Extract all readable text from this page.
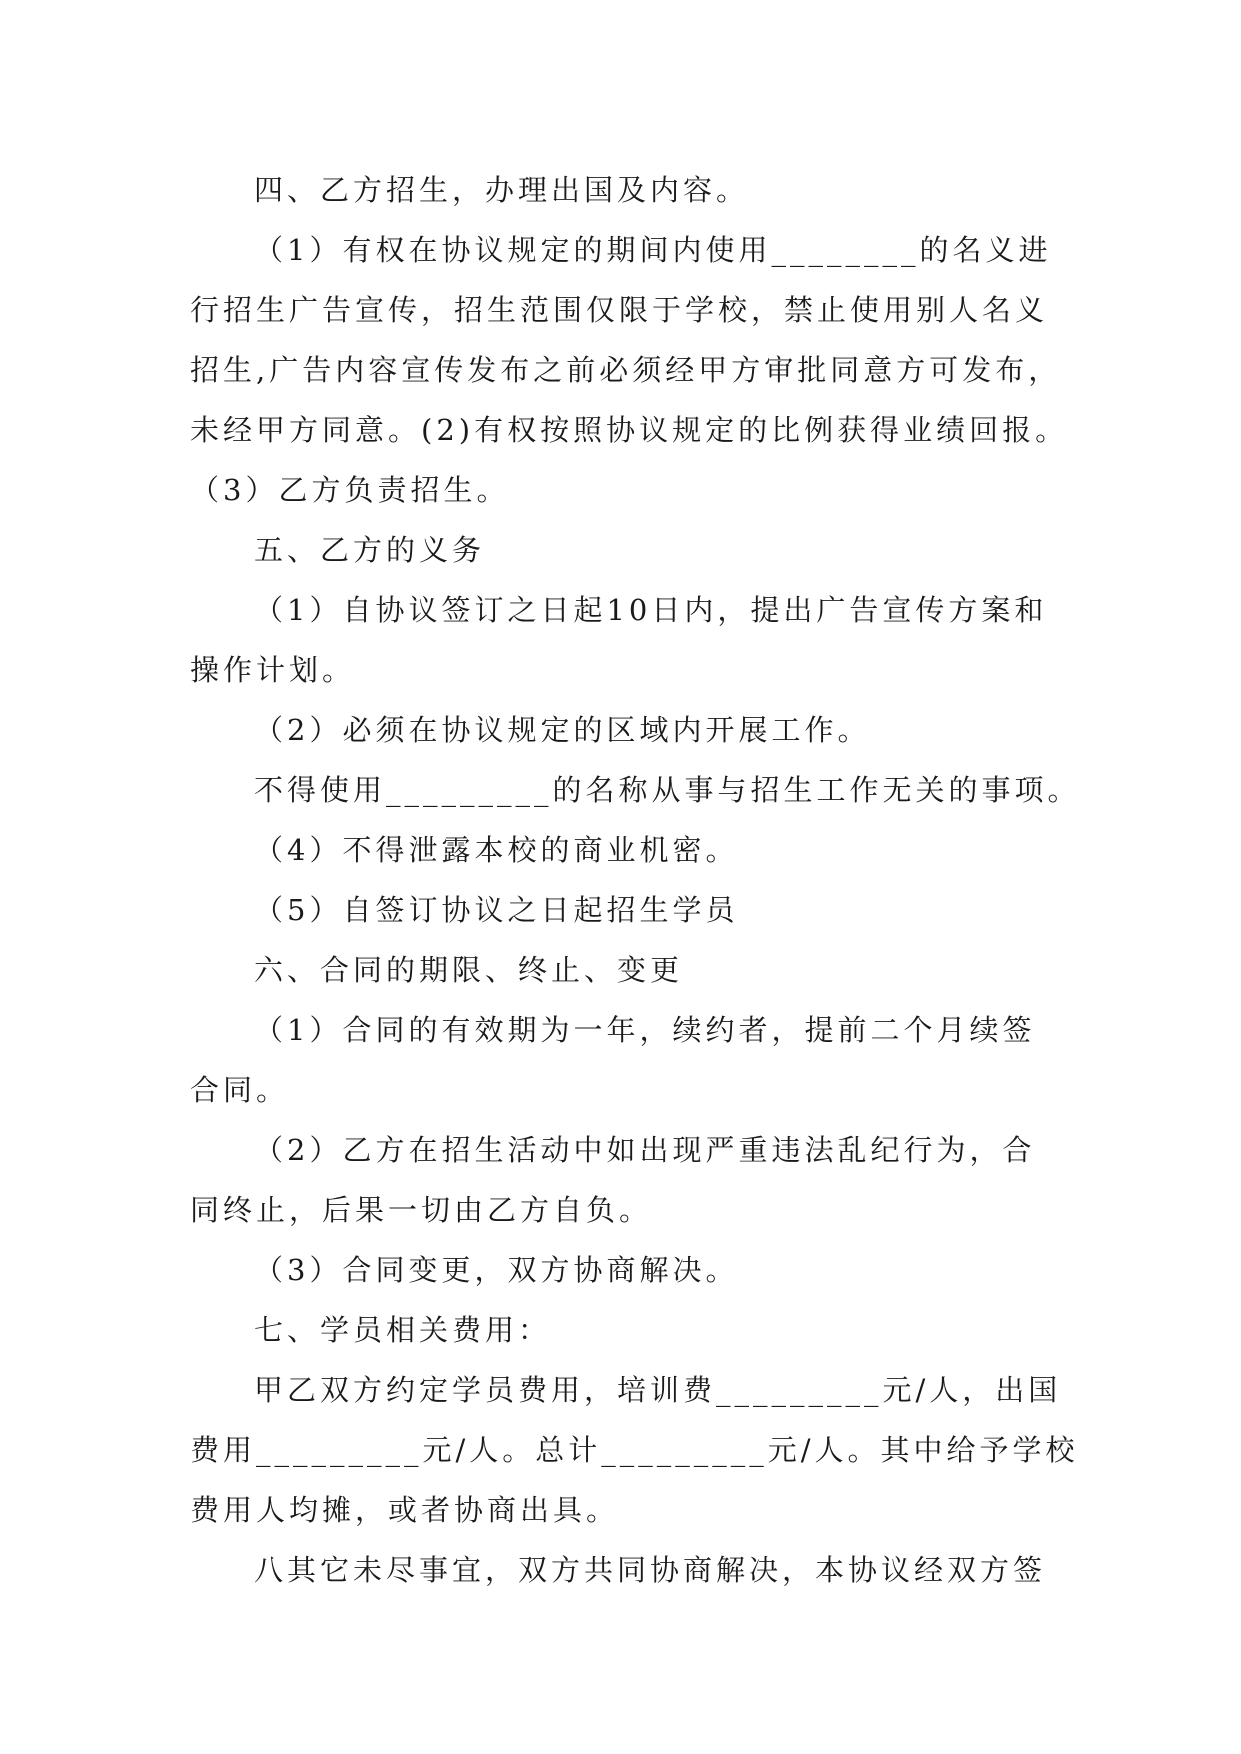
四、乙方招生，办理出国及内容。
（1）有权在协议规定的期间内使用________的名义进
行招生广告宣传，招生范围仅限于学校，禁止使用别人名义
招生,广告内容宣传发布之前必须经甲方审批同意方可发布，
未经甲方同意。(2)有权按照协议规定的比例获得业绩回报。
（3）乙方负责招生。
五、乙方的义务
（1）自协议签订之日起10日内，提出广告宣传方案和
操作计划。
（2）必须在协议规定的区域内开展工作。
不得使用_________的名称从事与招生工作无关的事项。
（4）不得泄露本校的商业机密。
（5）自签订协议之日起招生学员
六、合同的期限、终止、变更
（1）合同的有效期为一年，续约者，提前二个月续签
合同。
（2）乙方在招生活动中如出现严重违法乱纪行为，合
同终止，后果一切由乙方自负。
（3）合同变更，双方协商解决。
七、学员相关费用：
甲乙双方约定学员费用，培训费_________元/人，出国
费用_________元/人。总计_________元/人。其中给予学校
费用人均摊，或者协商出具。
八其它未尽事宜，双方共同协商解决，本协议经双方签
